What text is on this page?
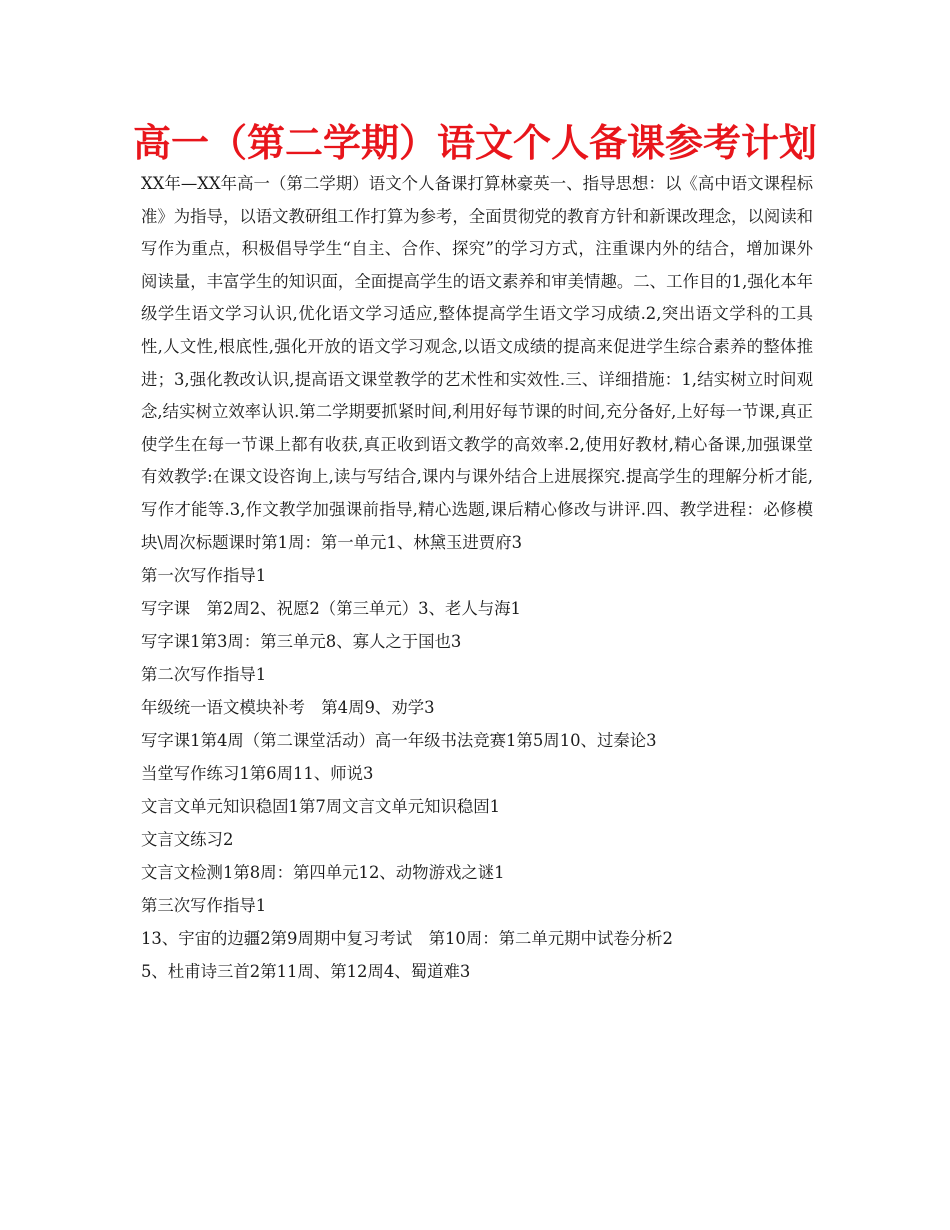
高一（第二学期）语文个人备课参考计划

XX年—XX年高一（第二学期）语文个人备课打算林豪英一、指导思想：以《高中语文课程标准》为指导，以语文教研组工作打算为参考，全面贯彻党的教育方针和新课改理念，以阅读和写作为重点，积极倡导学生“自主、合作、探究”的学习方式，注重课内外的结合，增加课外阅读量，丰富学生的知识面，全面提高学生的语文素养和审美情趣。二、工作目的1,强化本年级学生语文学习认识,优化语文学习适应,整体提高学生语文学习成绩.2,突出语文学科的工具性,人文性,根底性,强化开放的语文学习观念,以语文成绩的提高来促进学生综合素养的整体推进；3,强化教改认识,提高语文课堂教学的艺术性和实效性.三、详细措施：1,结实树立时间观念,结实树立效率认识.第二学期要抓紧时间,利用好每节课的时间,充分备好,上好每一节课,真正使学生在每一节课上都有收获,真正收到语文教学的高效率.2,使用好教材,精心备课,加强课堂有效教学:在课文设咨询上,读与写结合,课内与课外结合上进展探究.提高学生的理解分析才能,写作才能等.3,作文教学加强课前指导,精心选题,课后精心修改与讲评.四、教学进程：必修模块\周次标题课时第1周：第一单元1、林黛玉进贾府3

第一次写作指导1
写字课　第2周2、祝愿2（第三单元）3、老人与海1
写字课1第3周：第三单元8、寡人之于国也3
第二次写作指导1
年级统一语文模块补考　第4周9、劝学3
写字课1第4周（第二课堂活动）高一年级书法竞赛1第5周10、过秦论3
当堂写作练习1第6周11、师说3
文言文单元知识稳固1第7周文言文单元知识稳固1
文言文练习2
文言文检测1第8周：第四单元12、动物游戏之谜1
第三次写作指导1
13、宇宙的边疆2第9周期中复习考试　第10周：第二单元期中试卷分析2
5、杜甫诗三首2第11周、第12周4、蜀道难3
